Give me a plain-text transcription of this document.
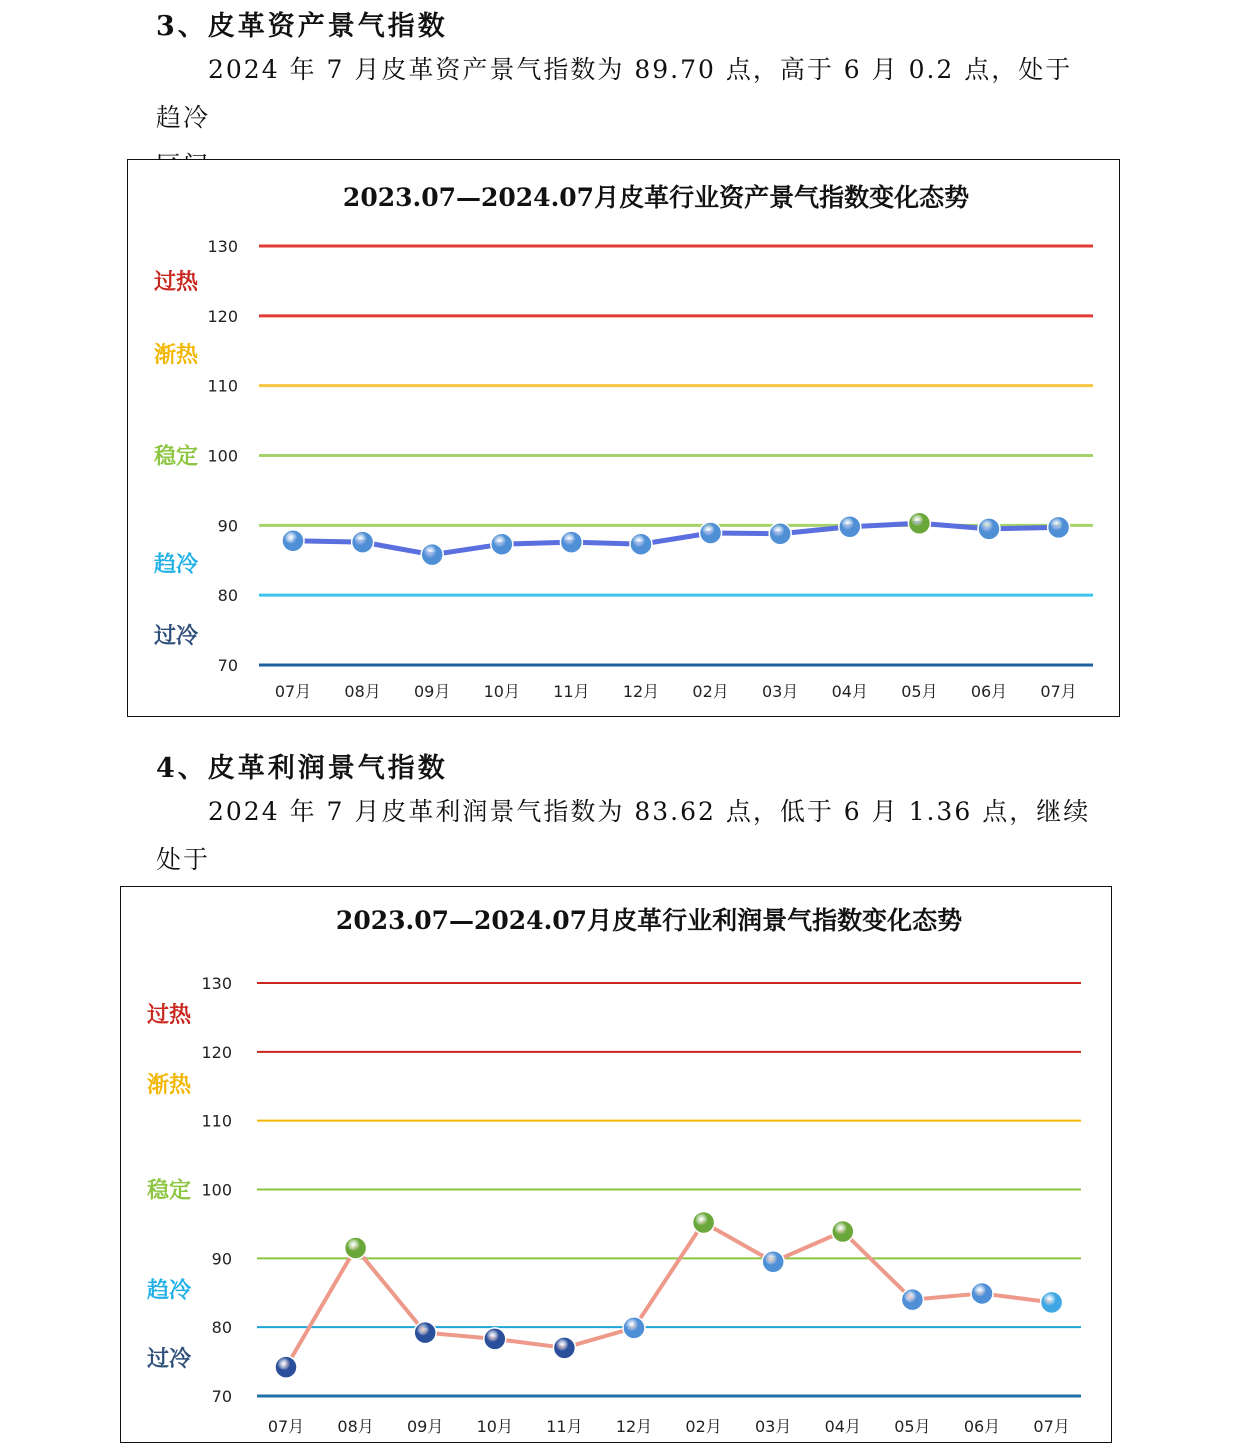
3、皮革资产景气指数
2024 年 7 月皮革资产景气指数为 89.70 点，高于 6 月 0.2 点，处于趋冷

2023.07—2024.07月皮革行业资产景气指数变化态势
70
80
90
100
110
120
130
过热
渐热
稳定
趋冷
过冷
07月 08月 09月 10月 11月 12月 02月 03月 04月 05月 06月 07月
4、皮革利润景气指数
2024 年 7 月皮革利润景气指数为 83.62 点，低于 6 月 1.36 点，继续处于

2023.07—2024.07月皮革行业利润景气指数变化态势
70
80
90
100
110
120
130
过热
渐热
稳定
趋冷
过冷
07月 08月 09月 10月 11月 12月 02月 03月 04月 05月 06月 07月
